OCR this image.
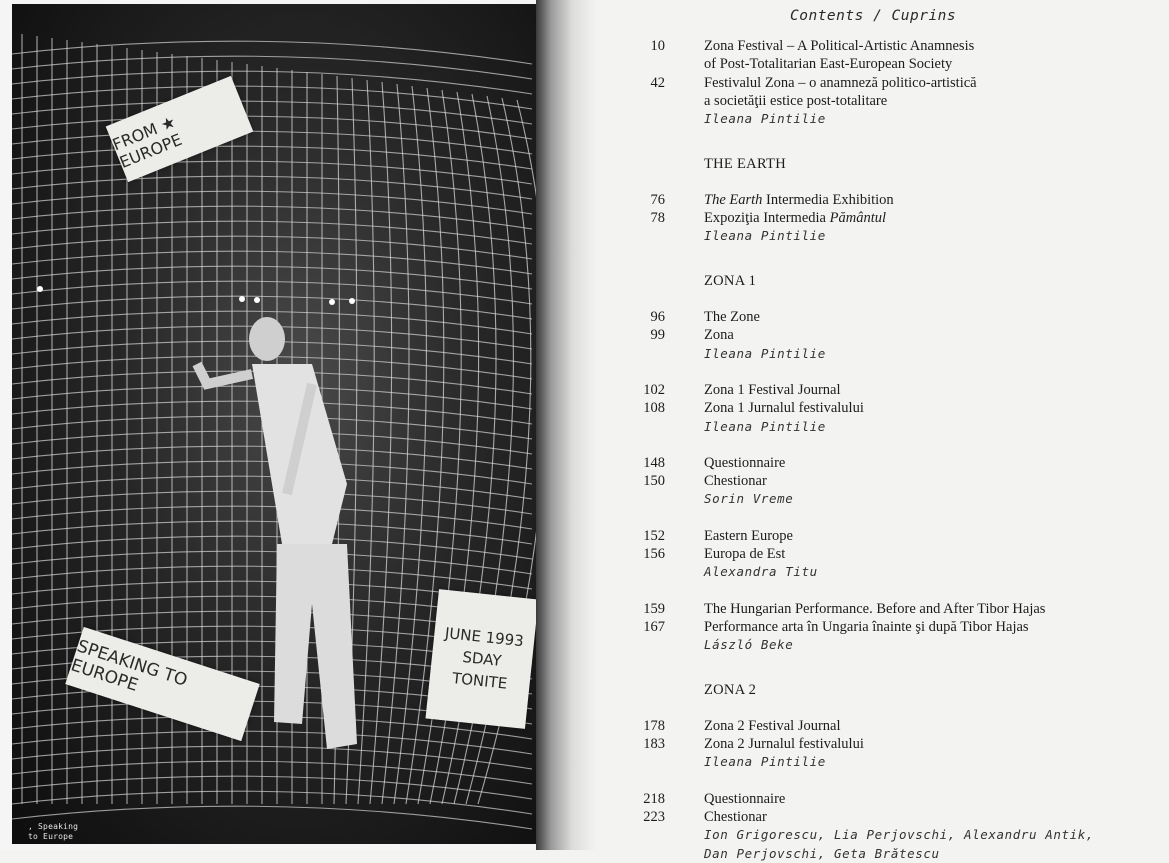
FROM ★ EUROPE
SPEAKING TO EUROPE
JUNE 1993
SDAY
TONITE
, Speaking
to Europe
Contents / Cuprins
10	Zona Festival – A Political-Artistic Anamnesis
of Post-Totalitarian East-European Society
42	Festivalul Zona – o anamneză politico-artistică
a societăţii estice post-totalitare
Ileana Pintilie
THE EARTH
76	The Earth Intermedia Exhibition
78	Expoziţia Intermedia Pământul
Ileana Pintilie
ZONA 1
96	The Zone
99	Zona
Ileana Pintilie
102	Zona 1 Festival Journal
108	Zona 1 Jurnalul festivalului
Ileana Pintilie
148	Questionnaire
150	Chestionar
Sorin Vreme
152	Eastern Europe
156	Europa de Est
Alexandra Titu
159	The Hungarian Performance. Before and After Tibor Hajas
167	Performance arta în Ungaria înainte şi după Tibor Hajas
László Beke
ZONA 2
178	Zona 2 Festival Journal
183	Zona 2 Jurnalul festivalului
Ileana Pintilie
218	Questionnaire
223	Chestionar
Ion Grigorescu, Lia Perjovschi, Alexandru Antik,
Dan Perjovschi, Geta Brătescu
